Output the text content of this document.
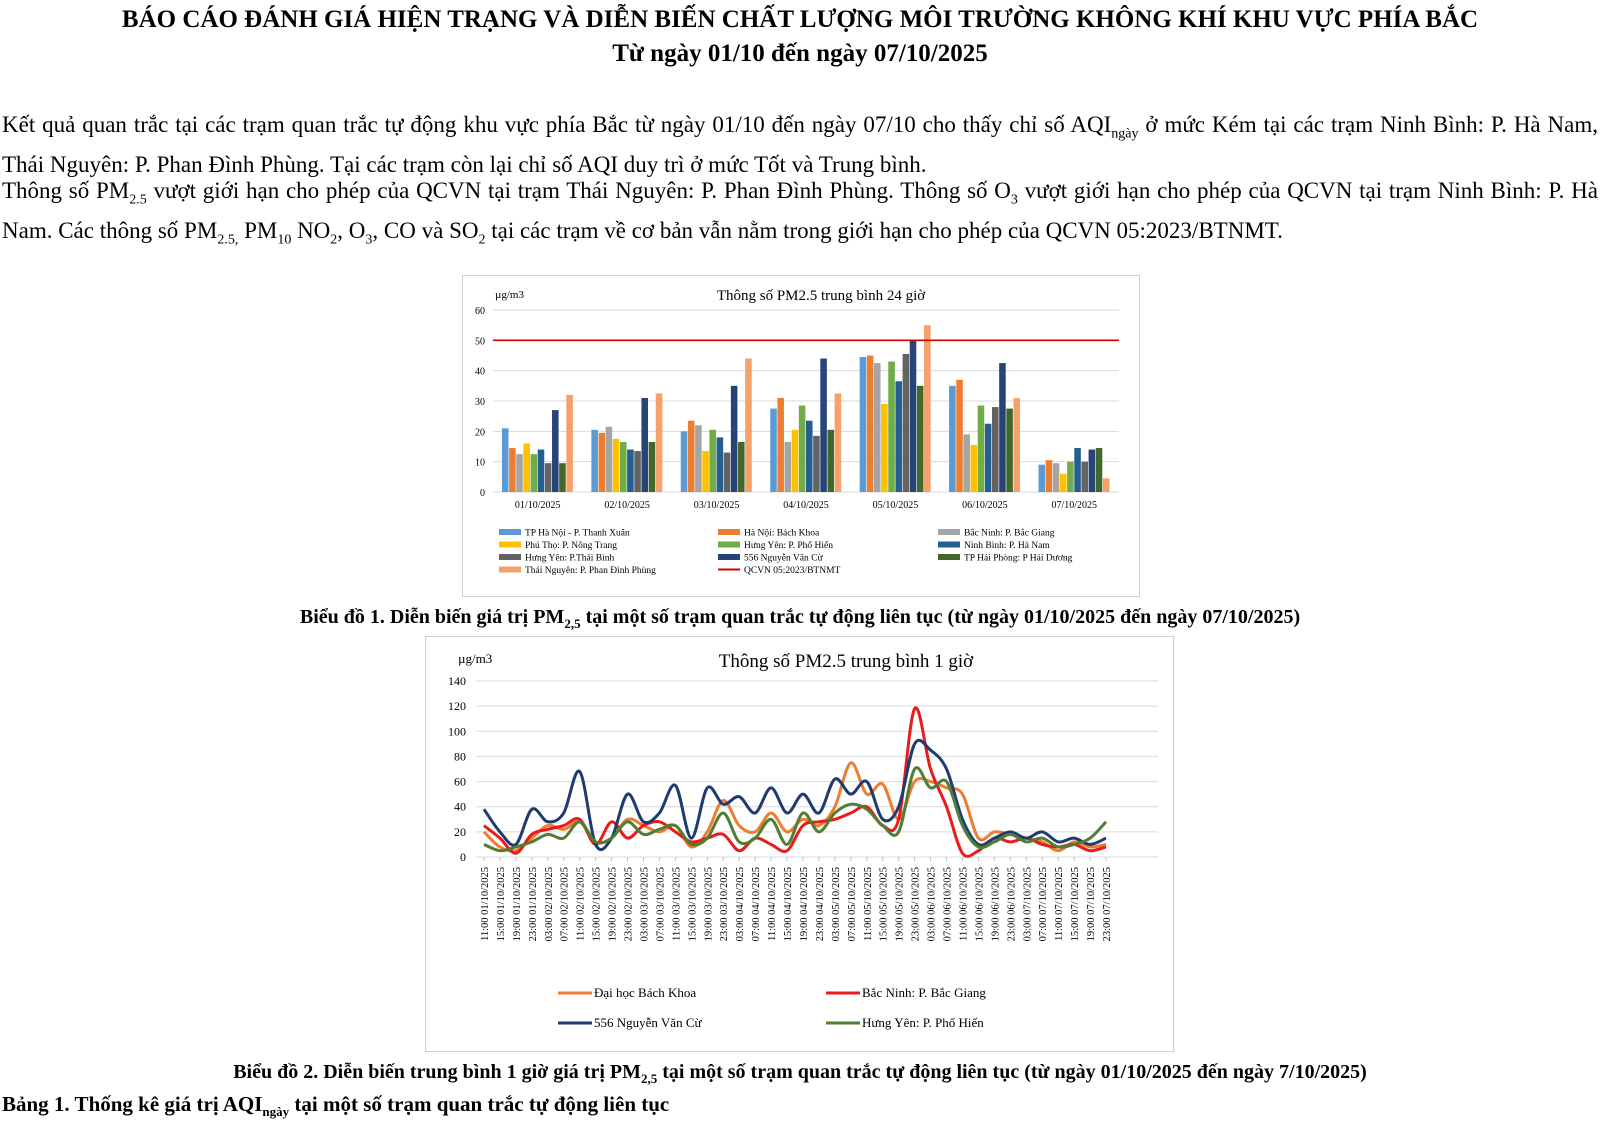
BÁO CÁO ĐÁNH GIÁ HIỆN TRẠNG VÀ DIỄN BIẾN CHẤT LƯỢNG MÔI TRƯỜNG KHÔNG KHÍ KHU VỰC PHÍA BẮC
Từ ngày 01/10 đến ngày 07/10/2025
Kết quả quan trắc tại các trạm quan trắc tự động khu vực phía Bắc từ ngày 01/10 đến ngày 07/10 cho thấy chỉ số $AQI_{ngày}$ ở mức Kém tại các trạm Ninh Bình: P. Hà Nam, Thái Nguyên: P. Phan Đình Phùng. Tại các trạm còn lại chỉ số AQI duy trì ở mức Tốt và Trung bình.
Thông số $PM_{2.5}$ vượt giới hạn cho phép của QCVN tại trạm Thái Nguyên: P. Phan Đình Phùng. Thông số $O_3$ vượt giới hạn cho phép của QCVN tại trạm Ninh Bình: P. Hà Nam. Các thông số $PM_{2.5,}$ $PM_{10}$ $NO_2$, $O_3$, CO và $SO_2$ tại các trạm về cơ bản vẫn nằm trong giới hạn cho phép của QCVN 05:2023/BTNMT.
µg/m3	Thông số PM2.5 trung bình 24 giờ
0
10
20
30
40
50
60
01/10/2025	02/10/2025	03/10/2025	04/10/2025	05/10/2025	06/10/2025	07/10/2025
TP Hà Nội - P. Thanh Xuân	Hà Nội: Bách Khoa	Bắc Ninh: P. Bắc Giang
Phú Thọ: P. Nông Trang	Hưng Yên: P. Phố Hiến	Ninh Bình: P. Hà Nam
Hưng Yên: P.Thái Bình	556 Nguyễn Văn Cừ	TP Hải Phòng: P Hải Dương
Thái Nguyên: P. Phan Đình Phùng	QCVN 05:2023/BTNMT
Biểu đồ 1. Diễn biến giá trị $PM_{2,5}$ tại một số trạm quan trắc tự động liên tục (từ ngày 01/10/2025 đến ngày 07/10/2025)
µg/m3	Thông số PM2.5 trung bình 1 giờ
0
20
40
60
80
100
120
140
11:00 01/10/2025 15:00 01/10/2025 19:00 01/10/2025 23:00 01/10/2025 03:00 02/10/2025 07:00 02/10/2025 11:00 02/10/2025 15:00 02/10/2025 19:00 02/10/2025 23:00 02/10/2025 03:00 03/10/2025 07:00 03/10/2025 11:00 03/10/2025 15:00 03/10/2025 19:00 03/10/2025 23:00 03/10/2025 03:00 04/10/2025 07:00 04/10/2025 11:00 04/10/2025 15:00 04/10/2025 19:00 04/10/2025 23:00 04/10/2025 03:00 05/10/2025 07:00 05/10/2025 11:00 05/10/2025 15:00 05/10/2025 19:00 05/10/2025 23:00 05/10/2025 03:00 06/10/2025 07:00 06/10/2025 11:00 06/10/2025 15:00 06/10/2025 19:00 06/10/2025 23:00 06/10/2025 03:00 07/10/2025 07:00 07/10/2025 11:00 07/10/2025 15:00 07/10/2025 19:00 07/10/2025 23:00 07/10/2025
Đại học Bách Khoa	Bắc Ninh: P. Bắc Giang
556 Nguyễn Văn Cừ	Hưng Yên: P. Phố Hiến
Biểu đồ 2. Diễn biến trung bình 1 giờ giá trị $PM_{2,5}$ tại một số trạm quan trắc tự động liên tục (từ ngày 01/10/2025 đến ngày 7/10/2025)
Bảng 1. Thống kê giá trị $AQI_{ngày}$ tại một số trạm quan trắc tự động liên tục
